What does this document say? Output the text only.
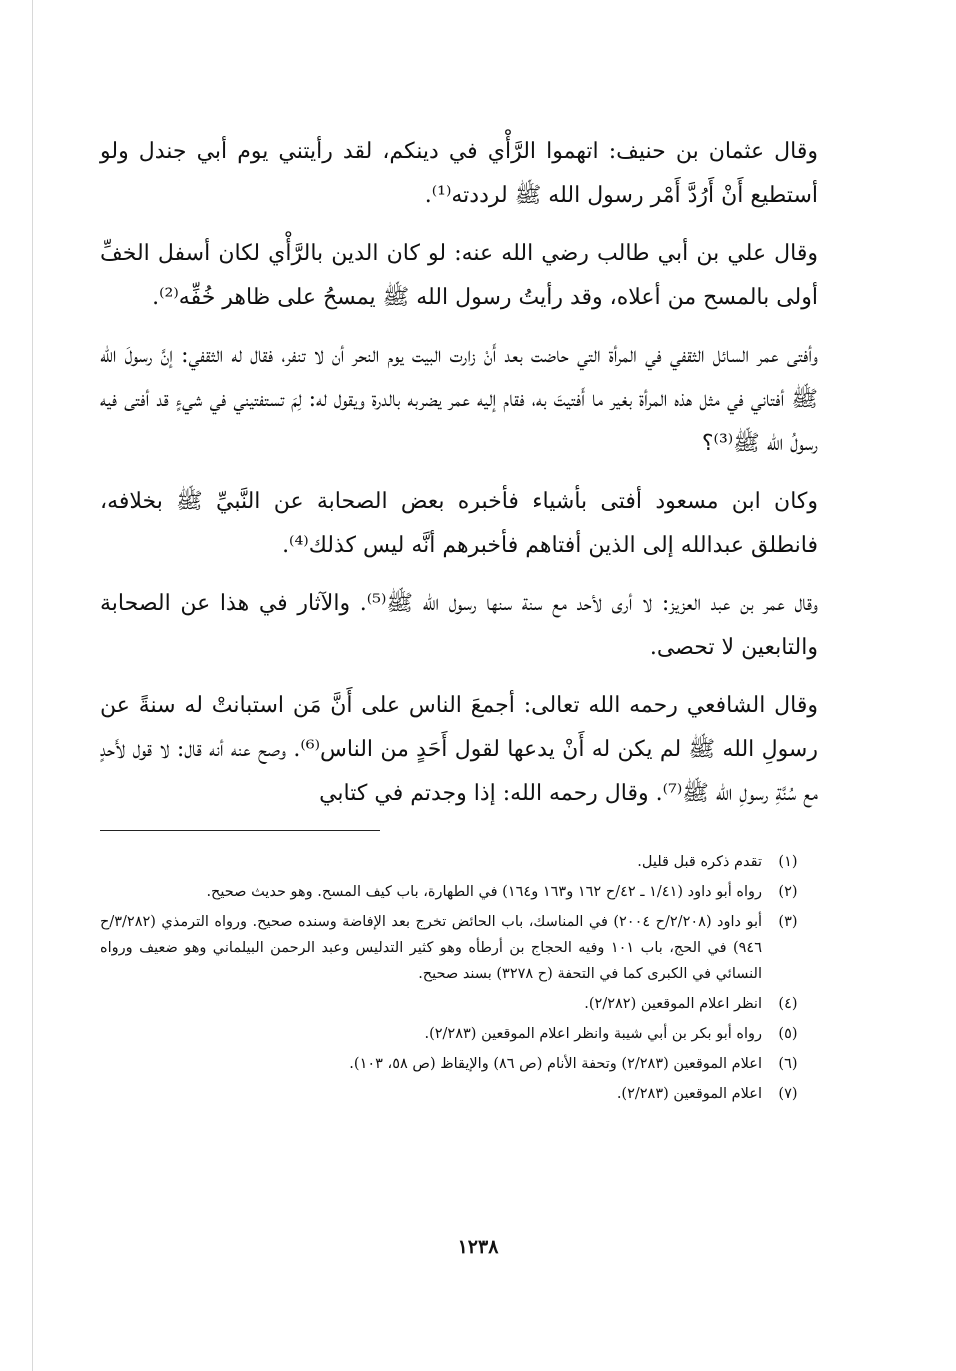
وقال عثمان بن حنيف: اتهموا الرَّأْي في دينكم، لقد رأيتني يوم أبي جندل ولو أستطيع أَنْ أَرُدَّ أَمْر رسول الله ﷺ لرددته⁽¹⁾.

وقال علي بن أبي طالب رضي الله عنه: لو كان الدين بالرَّأْي لكان أسفل الخفِّ أولى بالمسح من أعلاه، وقد رأيتُ رسول الله ﷺ يمسحُ على ظاهر خُفِّه⁽²⁾.

وأفتى عمر السائل الثقفي في المرأة التي حاضت بعد أَنْ زارت البيت يوم النحر أن لا تنفر، فقال له الثقفي: إنَّ رسولَ الله ﷺ أفتاني في مثل هذه المرأة بغير ما أَفتيتَ به، فقام إليه عمر يضربه بالدرة ويقول له: لِمَ تستفتيني في شيءٍ قد أفتى فيه رسولُ الله ﷺ⁽³⁾؟

وكان ابن مسعود أفتى بأشياء فأخبره بعض الصحابة عن النَّبيِّ ﷺ بخلافه، فانطلق عبدالله إلى الذين أفتاهم فأخبرهم أنَّه ليس كذلك⁽⁴⁾.

وقال عمر بن عبد العزيز: لا أرى لأحد مع سنة سنها رسول الله ﷺ⁽⁵⁾. والآثار في هذا عن الصحابة والتابعين لا تحصى.

وقال الشافعي رحمه الله تعالى: أجمعَ الناس على أَنَّ مَن استبانتْ له سنةً عن رسولِ الله ﷺ لم يكن له أَنْ يدعها لقول أَحَدٍ من الناس⁽⁶⁾. وصح عنه أنه قال: لا قول لأَحدٍ مع سُنَّةِ رسولِ الله ﷺ⁽⁷⁾. وقال رحمه الله: إذا وجدتم في كتابي

(١)
تقدم ذكره قبل قليل.
(٢)
رواه أبو داود (١/٤١ ـ ٤٢/ح ١٦٢ و١٦٣ و١٦٤) في الطهارة، باب كيف المسح. وهو حديث صحيح.
(٣)
أبو داود (٢/٢٠٨/ح ٢٠٠٤) في المناسك، باب الحائض تخرج بعد الإفاضة وسنده صحيح. ورواه الترمذي (٣/٢٨٢/ح ٩٤٦) في الحج، باب ١٠١ وفيه الحجاج بن أرطأه وهو كثير التدليس وعبد الرحمن البيلماني وهو ضعيف ورواه النسائي في الكبرى كما في التحفة (ح ٣٢٧٨) بسند صحيح.
(٤)
انظر اعلام الموقعين (٢/٢٨٢).
(٥)
رواه أبو بكر بن أبي شيبة وانظر اعلام الموقعين (٢/٢٨٣).
(٦)
اعلام الموقعين (٢/٢٨٣) وتحفة الأنام (ص ٨٦) والإيقاظ (ص ٥٨، ١٠٣).
(٧)
اعلام الموقعين (٢/٢٨٣).
١٢٣٨
